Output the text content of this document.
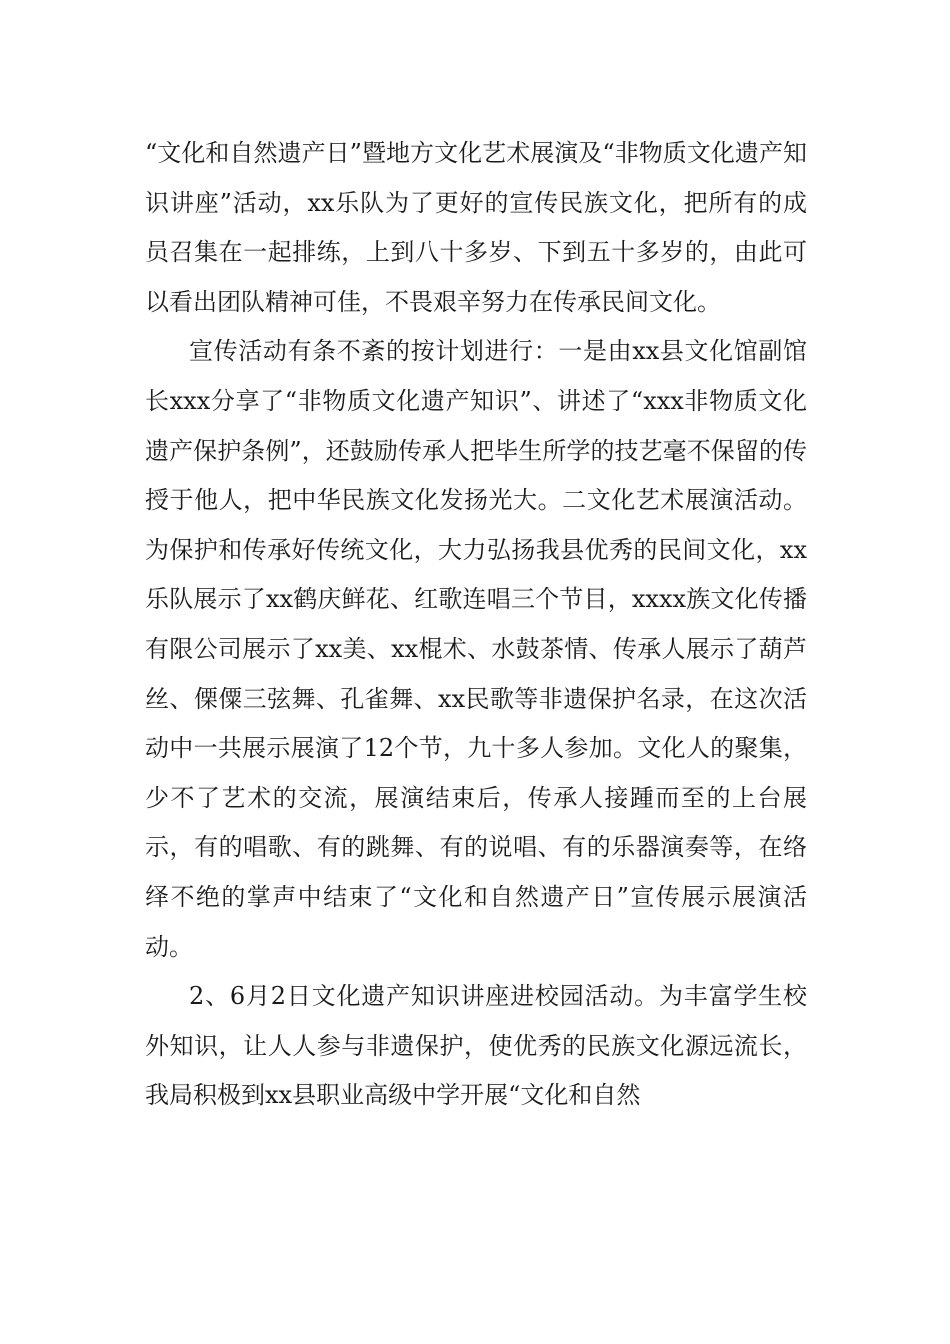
“文化和自然遗产日”暨地方文化艺术展演及“非物质文化遗产知识讲座”活动，xx乐队为了更好的宣传民族文化，把所有的成员召集在一起排练，上到八十多岁、下到五十多岁的，由此可以看出团队精神可佳，不畏艰辛努力在传承民间文化。

宣传活动有条不紊的按计划进行：一是由xx县文化馆副馆长xxx分享了“非物质文化遗产知识”、讲述了“xxx非物质文化遗产保护条例”，还鼓励传承人把毕生所学的技艺毫不保留的传授于他人，把中华民族文化发扬光大。二文化艺术展演活动。为保护和传承好传统文化，大力弘扬我县优秀的民间文化，xx乐队展示了xx鹤庆鲜花、红歌连唱三个节目，xxxx族文化传播有限公司展示了xx美、xx棍术、水鼓茶情、传承人展示了葫芦丝、傈僳三弦舞、孔雀舞、xx民歌等非遗保护名录，在这次活动中一共展示展演了12个节，九十多人参加。文化人的聚集，少不了艺术的交流，展演结束后，传承人接踵而至的上台展示，有的唱歌、有的跳舞、有的说唱、有的乐器演奏等，在络绎不绝的掌声中结束了“文化和自然遗产日”宣传展示展演活动。

2、6月2日文化遗产知识讲座进校园活动。为丰富学生校外知识，让人人参与非遗保护，使优秀的民族文化源远流长，我局积极到xx县职业高级中学开展“文化和自然
